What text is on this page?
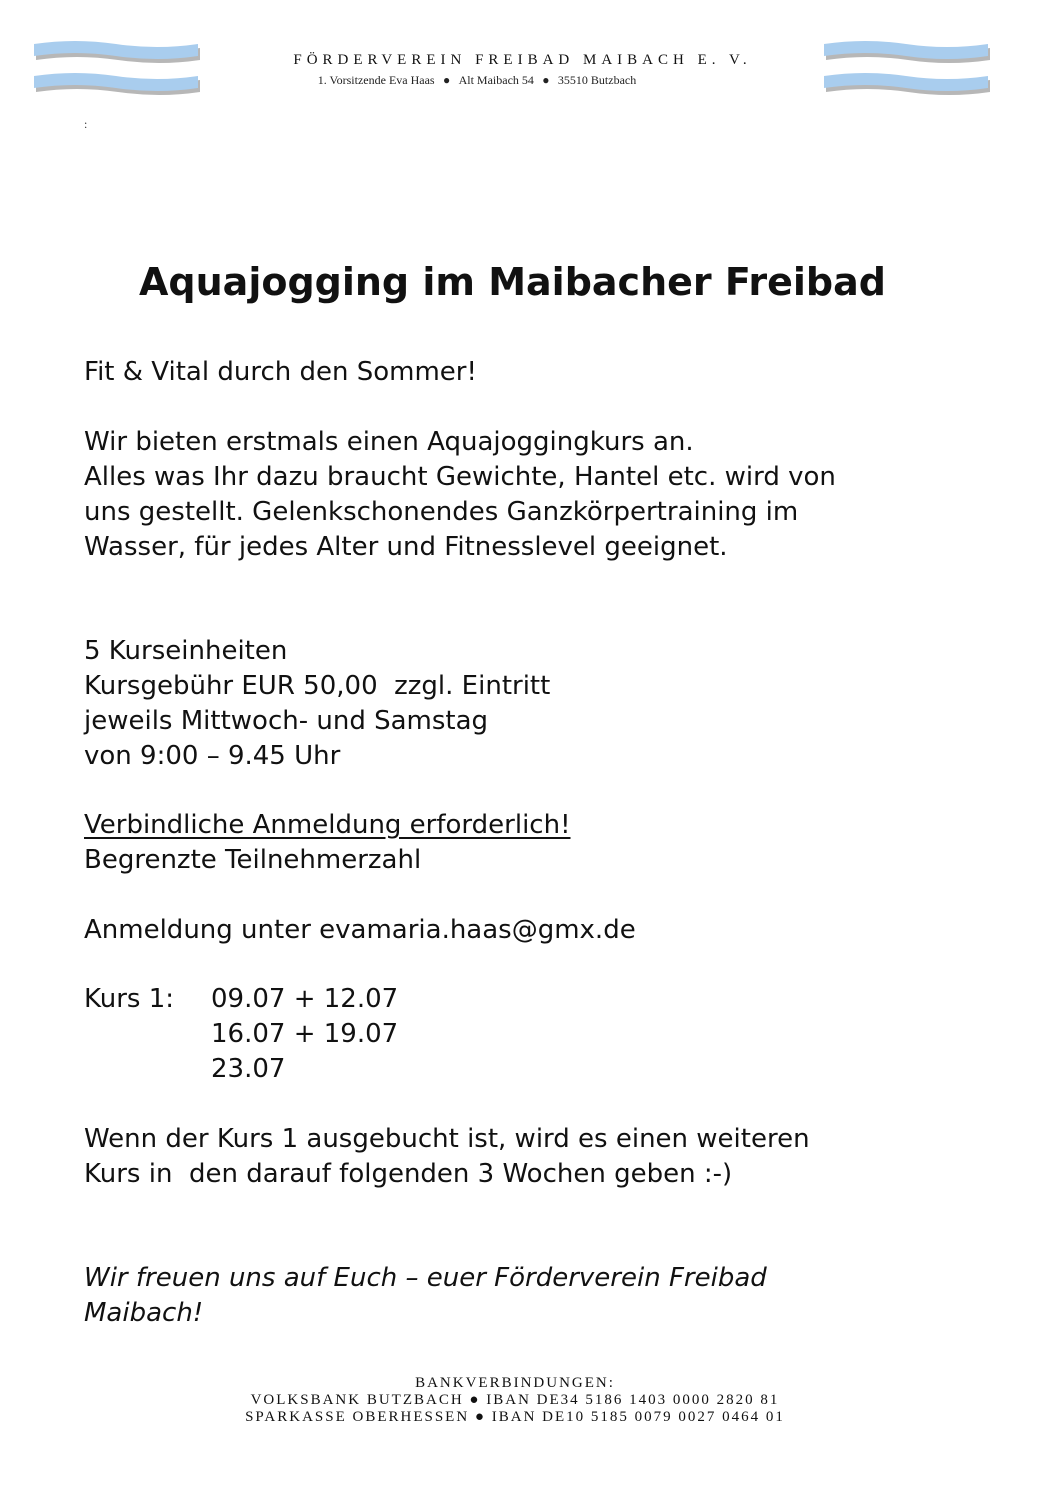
FÖRDERVEREIN FREIBAD MAIBACH E. V.
1. Vorsitzende Eva Haas ● Alt Maibach 54 ● 35510 Butzbach
:
Aquajogging im Maibacher Freibad

Fit & Vital durch den Sommer!

Wir bieten erstmals einen Aquajoggingkurs an.

Alles was Ihr dazu braucht Gewichte, Hantel etc. wird von

uns gestellt. Gelenkschonendes Ganzkörpertraining im

Wasser, für jedes Alter und Fitnesslevel geeignet.

5 Kurseinheiten

Kursgebühr EUR 50,00  zzgl. Eintritt

jeweils Mittwoch- und Samstag

von 9:00 – 9.45 Uhr

Verbindliche Anmeldung erforderlich!

Begrenzte Teilnehmerzahl

Anmeldung unter evamaria.haas@gmx.de

Kurs 1: 09.07 + 12.07
16.07 + 19.07
23.07

Wenn der Kurs 1 ausgebucht ist, wird es einen weiteren

Kurs in  den darauf folgenden 3 Wochen geben :-)

Wir freuen uns auf Euch – euer Förderverein Freibad

Maibach!

BANKVERBINDUNGEN:
VOLKSBANK BUTZBACH ● IBAN DE34 5186 1403 0000 2820 81
SPARKASSE OBERHESSEN ● IBAN DE10 5185 0079 0027 0464 01
